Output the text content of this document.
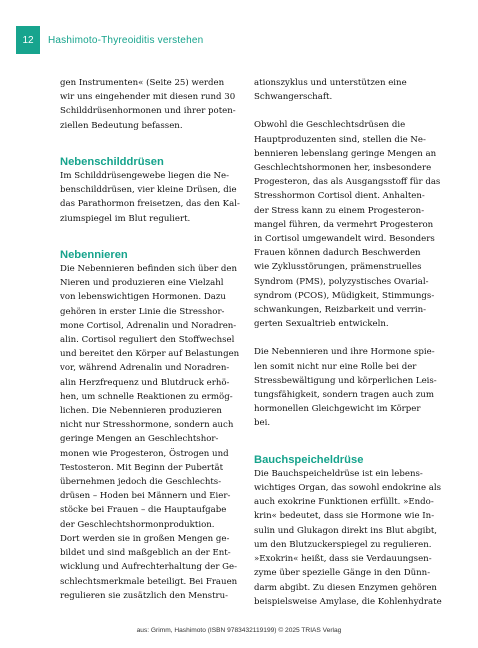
12	Hashimoto-Thyreoiditis verstehen
gen Instrumenten« (Seite 25) werden
wir uns eingehender mit diesen rund 30
Schilddrüsenhormonen und ihrer poten-
ziellen Bedeutung befassen.
Nebenschilddrüsen
Im Schilddrüsengewebe liegen die Ne-
benschilddrüsen, vier kleine Drüsen, die
das Parathormon freisetzen, das den Kal-
ziumspiegel im Blut reguliert.
Nebennieren
Die Nebennieren befinden sich über den
Nieren und produzieren eine Vielzahl
von lebenswichtigen Hormonen. Dazu
gehören in erster Linie die Stresshor-
mone Cortisol, Adrenalin und Noradren-
alin. Cortisol reguliert den Stoffwechsel
und bereitet den Körper auf Belastungen
vor, während Adrenalin und Noradren-
alin Herzfrequenz und Blutdruck erhö-
hen, um schnelle Reaktionen zu ermög-
lichen. Die Nebennieren produzieren
nicht nur Stresshormone, sondern auch
geringe Mengen an Geschlechtshor-
monen wie Progesteron, Östrogen und
Testosteron. Mit Beginn der Pubertät
übernehmen jedoch die Geschlechts-
drüsen – Hoden bei Männern und Eier-
stöcke bei Frauen – die Hauptaufgabe
der Geschlechtshormonproduktion.
Dort werden sie in großen Mengen ge-
bildet und sind maßgeblich an der Ent-
wicklung und Aufrechterhaltung der Ge-
schlechtsmerkmale beteiligt. Bei Frauen
regulieren sie zusätzlich den Menstru-
ationszyklus und unterstützen eine
Schwangerschaft.
Obwohl die Geschlechtsdrüsen die
Hauptproduzenten sind, stellen die Ne-
bennieren lebenslang geringe Mengen an
Geschlechtshormonen her, insbesondere
Progesteron, das als Ausgangsstoff für das
Stresshormon Cortisol dient. Anhalten-
der Stress kann zu einem Progesteron-
mangel führen, da vermehrt Progesteron
in Cortisol umgewandelt wird. Besonders
Frauen können dadurch Beschwerden
wie Zyklusstörungen, prämenstruelles
Syndrom (PMS), polyzystisches Ovarial-
syndrom (PCOS), Müdigkeit, Stimmungs-
schwankungen, Reizbarkeit und verrin-
gerten Sexualtrieb entwickeln.
Die Nebennieren und ihre Hormone spie-
len somit nicht nur eine Rolle bei der
Stressbewältigung und körperlichen Leis-
tungsfähigkeit, sondern tragen auch zum
hormonellen Gleichgewicht im Körper
bei.
Bauchspeicheldrüse
Die Bauchspeicheldrüse ist ein lebens-
wichtiges Organ, das sowohl endokrine als
auch exokrine Funktionen erfüllt. »Endo-
krin« bedeutet, dass sie Hormone wie In-
sulin und Glukagon direkt ins Blut abgibt,
um den Blutzuckerspiegel zu regulieren.
»Exokrin« heißt, dass sie Verdauungsen-
zyme über spezielle Gänge in den Dünn-
darm abgibt. Zu diesen Enzymen gehören
beispielsweise Amylase, die Kohlenhydrate
aus: Grimm, Hashimoto (ISBN 9783432119199) © 2025 TRIAS Verlag
